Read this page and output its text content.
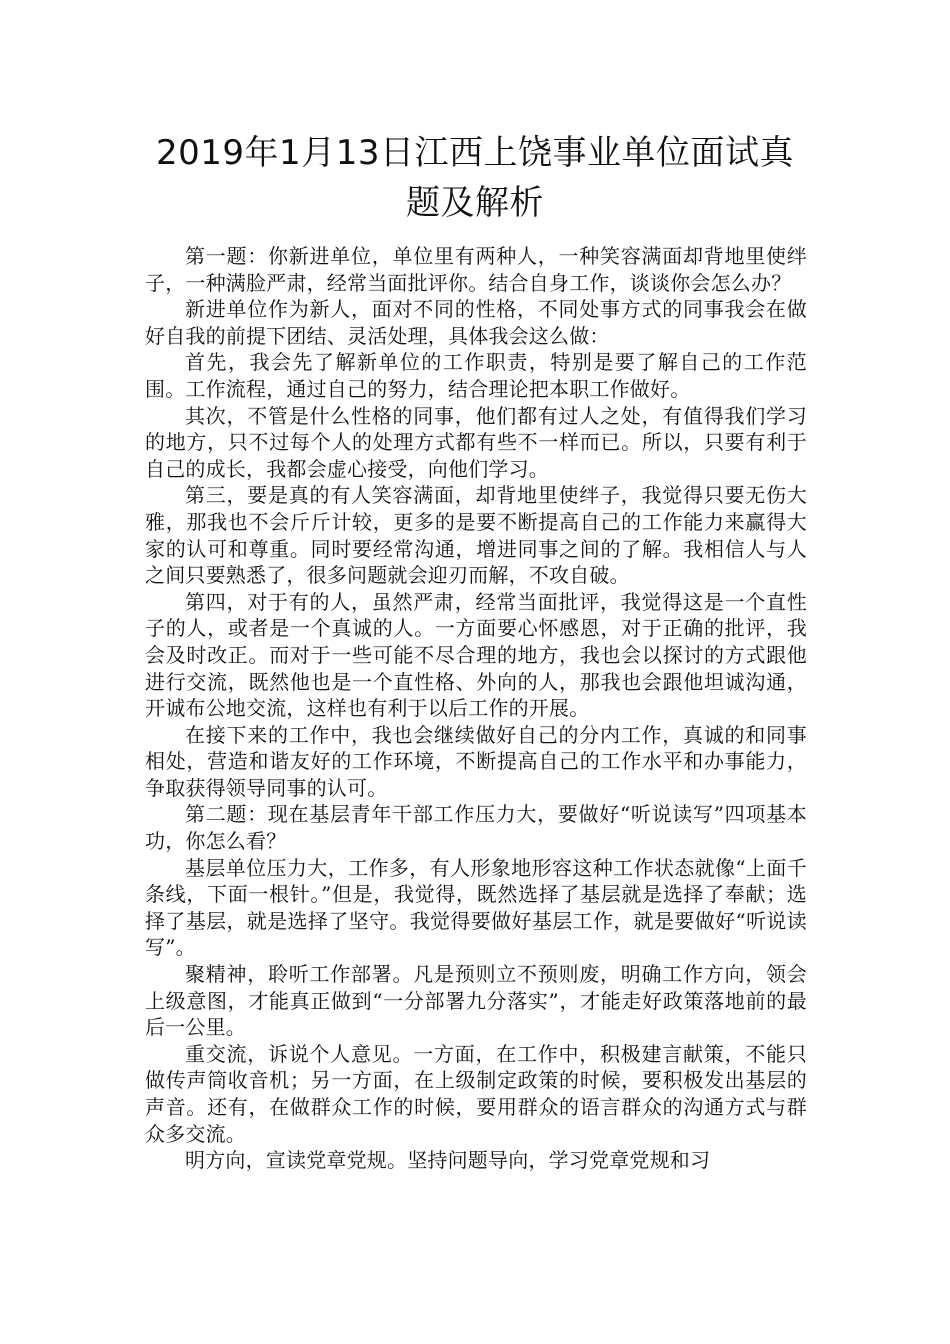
2019年1月13日江西上饶事业单位面试真题及解析

第一题：你新进单位，单位里有两种人，一种笑容满面却背地里使绊子，一种满脸严肃，经常当面批评你。结合自身工作，谈谈你会怎么办？

新进单位作为新人，面对不同的性格，不同处事方式的同事我会在做好自我的前提下团结、灵活处理，具体我会这么做：

首先，我会先了解新单位的工作职责，特别是要了解自己的工作范围。工作流程，通过自己的努力，结合理论把本职工作做好。

其次，不管是什么性格的同事，他们都有过人之处，有值得我们学习的地方，只不过每个人的处理方式都有些不一样而已。所以，只要有利于自己的成长，我都会虚心接受，向他们学习。

第三，要是真的有人笑容满面，却背地里使绊子，我觉得只要无伤大雅，那我也不会斤斤计较，更多的是要不断提高自己的工作能力来赢得大家的认可和尊重。同时要经常沟通，增进同事之间的了解。我相信人与人之间只要熟悉了，很多问题就会迎刃而解，不攻自破。

第四，对于有的人，虽然严肃，经常当面批评，我觉得这是一个直性子的人，或者是一个真诚的人。一方面要心怀感恩，对于正确的批评，我会及时改正。而对于一些可能不尽合理的地方，我也会以探讨的方式跟他进行交流，既然他也是一个直性格、外向的人，那我也会跟他坦诚沟通，开诚布公地交流，这样也有利于以后工作的开展。

在接下来的工作中，我也会继续做好自己的分内工作，真诚的和同事相处，营造和谐友好的工作环境，不断提高自己的工作水平和办事能力，争取获得领导同事的认可。

第二题：现在基层青年干部工作压力大，要做好“听说读写”四项基本功，你怎么看？

基层单位压力大，工作多，有人形象地形容这种工作状态就像“上面千条线，下面一根针。”但是，我觉得，既然选择了基层就是选择了奉献；选择了基层，就是选择了坚守。我觉得要做好基层工作，就是要做好“听说读写”。

聚精神，聆听工作部署。凡是预则立不预则废，明确工作方向，领会上级意图，才能真正做到“一分部署九分落实”，才能走好政策落地前的最后一公里。

重交流，诉说个人意见。一方面，在工作中，积极建言献策，不能只做传声筒收音机；另一方面，在上级制定政策的时候，要积极发出基层的声音。还有，在做群众工作的时候，要用群众的语言群众的沟通方式与群众多交流。

明方向，宣读党章党规。坚持问题导向，学习党章党规和习
